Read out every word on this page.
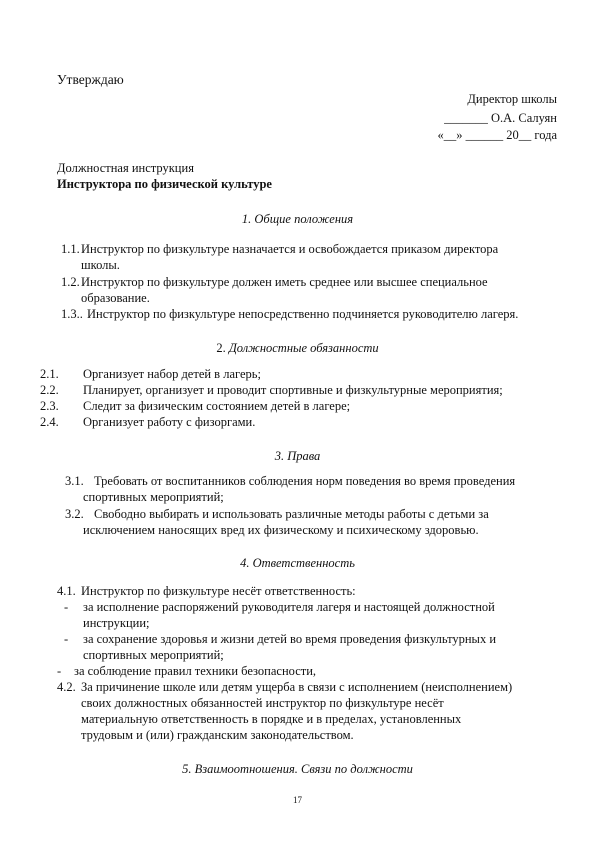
Утверждаю
Директор школы
_______ О.А. Салуян
«__» ______ 20__ года
Должностная инструкция
Инструктора по физической культуре
1. Общие положения
1.1. Инструктор по физкультуре назначается и освобождается приказом директора
школы.
1.2. Инструктор по физкультуре должен иметь среднее или высшее специальное
образование.
1.3.. Инструктор по физкультуре непосредственно подчиняется руководителю лагеря.
2. Должностные обязанности
2.1. Организует набор детей в лагерь;
2.2. Планирует, организует и проводит спортивные и физкультурные мероприятия;
2.3. Следит за физическим состоянием детей в лагере;
2.4. Организует работу с физоргами.
3. Права
3.1. Требовать от воспитанников соблюдения норм поведения во время проведения
спортивных мероприятий;
3.2. Свободно выбирать и использовать различные методы работы с детьми за
исключением наносящих вред их физическому и психическому здоровью.
4. Ответственность
4.1. Инструктор по физкультуре несёт ответственность:
- за исполнение распоряжений руководителя лагеря и настоящей должностной
инструкции;
- за сохранение здоровья и жизни детей во время проведения физкультурных и
спортивных мероприятий;
- за соблюдение правил техники безопасности,
4.2. За причинение школе или детям ущерба в связи с исполнением (неисполнением)
своих должностных обязанностей инструктор по физкультуре несёт
материальную ответственность в порядке и в пределах, установленных
трудовым и (или) гражданским законодательством.
5. Взаимоотношения. Связи по должности
17
